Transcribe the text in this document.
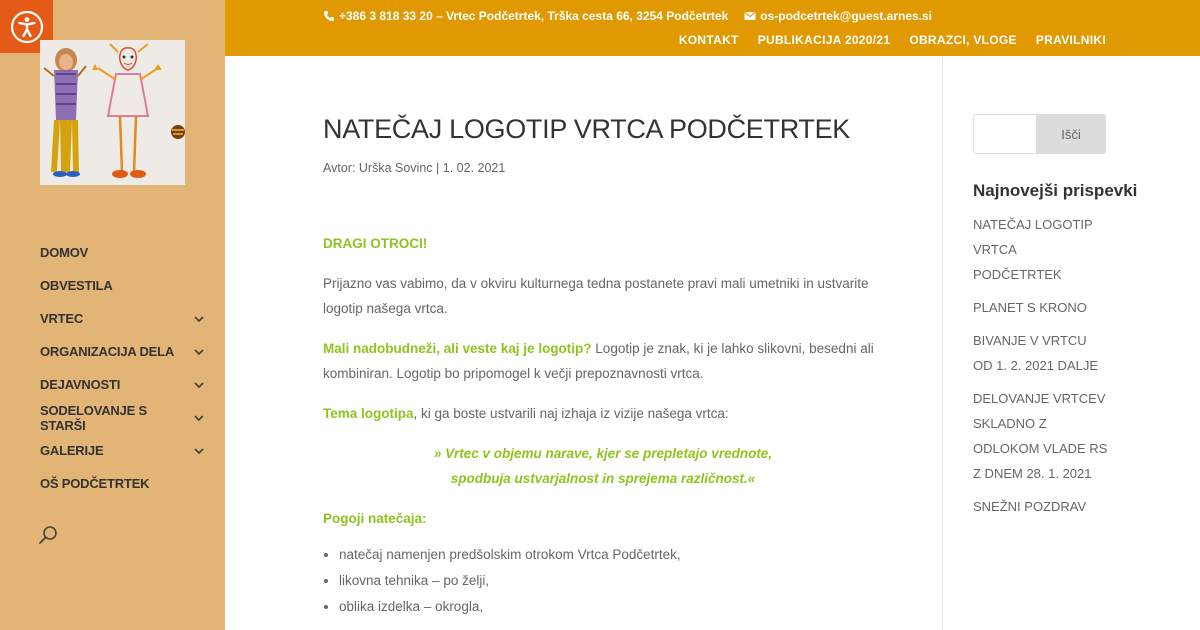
DOMOV
OBVESTILA
VRTEC
ORGANIZACIJA DELA
DEJAVNOSTI
SODELOVANJE S STARŠI
GALERIJE
OŠ PODČETRTEK
+386 3 818 33 20 – Vrtec Podčetrtek, Trška cesta 66, 3254 Podčetrtek	os-podcetrtek@guest.arnes.si
KONTAKT PUBLIKACIJA 2020/21 OBRAZCI, VLOGE PRAVILNIKI
NATEČAJ LOGOTIP VRTCA PODČETRTEK
Avtor: Urška Sovinc | 1. 02. 2021

DRAGI OTROCI!

Prijazno vas vabimo, da v okviru kulturnega tedna postanete pravi mali umetniki in ustvarite logotip našega vrtca.

Mali nadobudneži, ali veste kaj je logotip? Logotip je znak, ki je lahko slikovni, besedni ali kombiniran. Logotip bo pripomogel k večji prepoznavnosti vrtca.

Tema logotipa, ki ga boste ustvarili naj izhaja iz vizije našega vrtca:

» Vrtec v objemu narave, kjer se prepletajo vrednote,
spodbuja ustvarjalnost in sprejema različnost.«

Pogoji natečaja:

• natečaj namenjen predšolskim otrokom Vrtca Podčetrtek,
• likovna tehnika – po želji,
• oblika izdelka – okrogla,
Išči
Najnovejši prispevki
NATEČAJ LOGOTIP VRTCA PODČETRTEK
PLANET S KRONO
BIVANJE V VRTCU OD 1. 2. 2021 DALJE
DELOVANJE VRTCEV SKLADNO Z ODLOKOM VLADE RS Z DNEM 28. 1. 2021
SNEŽNI POZDRAV
